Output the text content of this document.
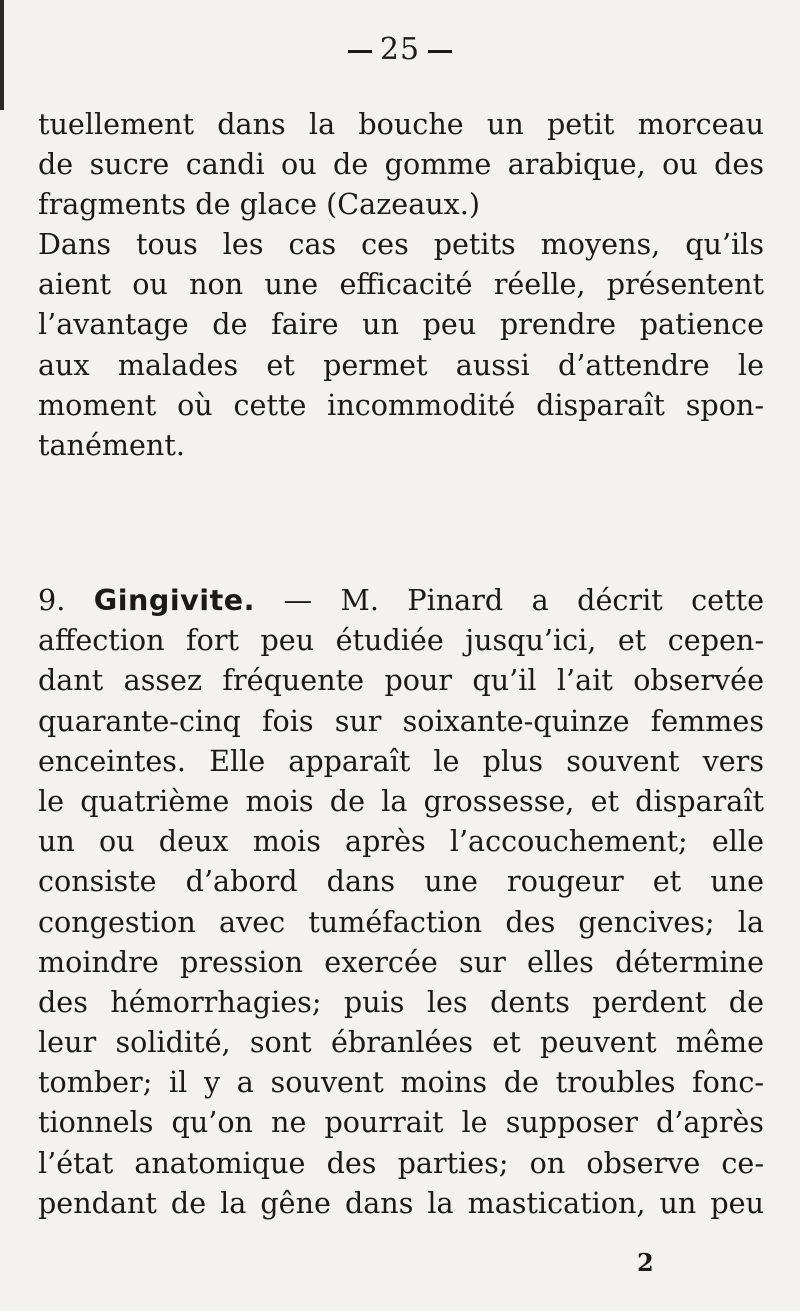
25
tuellement dans la bouche un petit morceau
de sucre candi ou de gomme arabique, ou des
fragments de glace (Cazeaux.)
Dans tous les cas ces petits moyens, qu’ils
aient ou non une efficacité réelle, présentent
l’avantage de faire un peu prendre patience
aux malades et permet aussi d’attendre le
moment où cette incommodité disparaît spon-
tanément.
9. Gingivite. — M. Pinard a décrit cette
affection fort peu étudiée jusqu’ici, et cepen-
dant assez fréquente pour qu’il l’ait observée
quarante-cinq fois sur soixante-quinze femmes
enceintes. Elle apparaît le plus souvent vers
le quatrième mois de la grossesse, et disparaît
un ou deux mois après l’accouchement; elle
consiste d’abord dans une rougeur et une
congestion avec tuméfaction des gencives; la
moindre pression exercée sur elles détermine
des hémorrhagies; puis les dents perdent de
leur solidité, sont ébranlées et peuvent même
tomber; il y a souvent moins de troubles fonc-
tionnels qu’on ne pourrait le supposer d’après
l’état anatomique des parties; on observe ce-
pendant de la gêne dans la mastication, un peu
2
